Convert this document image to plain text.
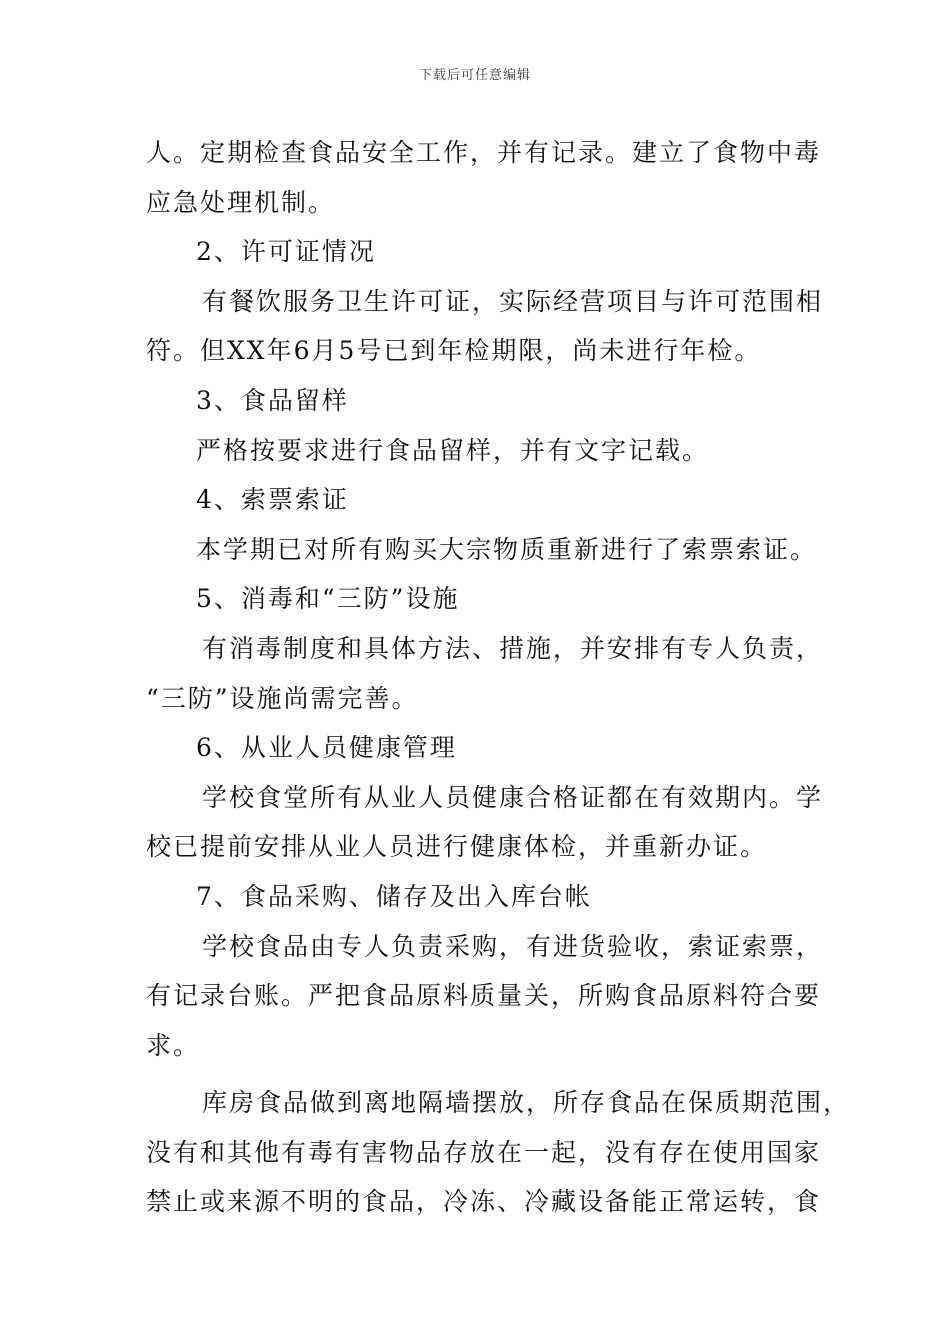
下载后可任意编辑
人。定期检查食品安全工作，并有记录。建立了食物中毒
应急处理机制。
2、许可证情况
有餐饮服务卫生许可证，实际经营项目与许可范围相
符。但XX年6月5号已到年检期限，尚未进行年检。
3、食品留样
严格按要求进行食品留样，并有文字记载。
4、索票索证
本学期已对所有购买大宗物质重新进行了索票索证。
5、消毒和“三防”设施
有消毒制度和具体方法、措施，并安排有专人负责，
“三防”设施尚需完善。
6、从业人员健康管理
学校食堂所有从业人员健康合格证都在有效期内。学
校已提前安排从业人员进行健康体检，并重新办证。
7、食品采购、储存及出入库台帐
学校食品由专人负责采购，有进货验收，索证索票，
有记录台账。严把食品原料质量关，所购食品原料符合要
求。
库房食品做到离地隔墙摆放，所存食品在保质期范围，
没有和其他有毒有害物品存放在一起，没有存在使用国家
禁止或来源不明的食品，冷冻、冷藏设备能正常运转，食
